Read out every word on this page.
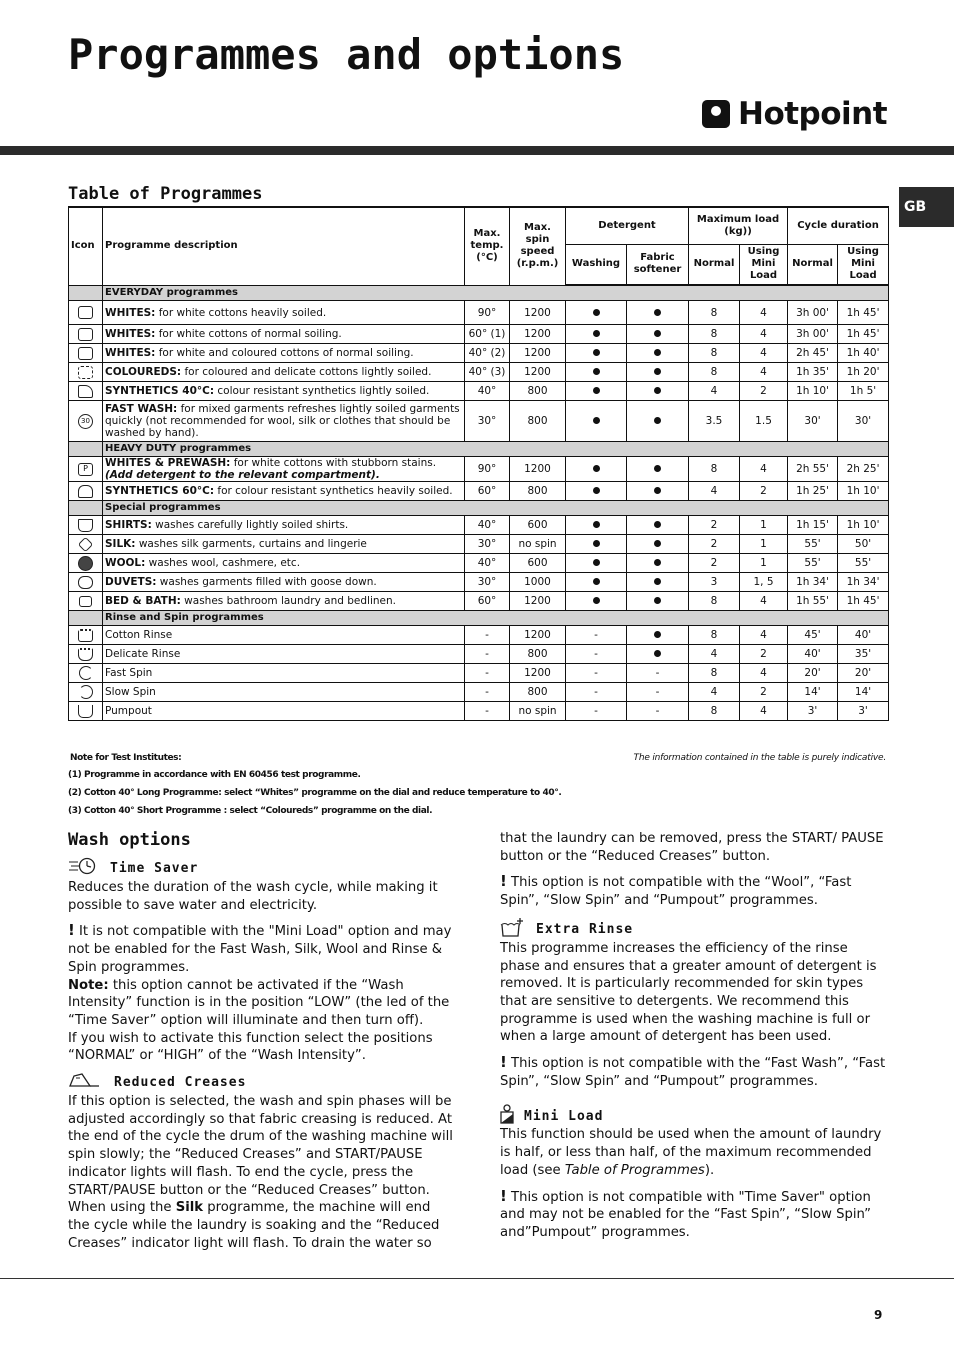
Programmes and options
Hotpoint
GB
Table of Programmes
Icon	Programme description	Max. temp. (°C)	Max. spin speed (r.p.m.)	Detergent		Maximum load (kg))		Cycle duration	
				Washing	Fabric softener	Normal	Using Mini Load	Normal	Using Mini Load
	EVERYDAY programmes								
	WHITES: for white cottons heavily soiled.	90°	1200			8	4	3h 00'	1h 45'
	WHITES: for white cottons of normal soiling.	60° (1)	1200			8	4	3h 00'	1h 45'
	WHITES: for white and coloured cottons of normal soiling.	40° (2)	1200			8	4	2h 45'	1h 40'
	COLOUREDS: for coloured and delicate cottons lightly soiled.	40° (3)	1200			8	4	1h 35'	1h 20'
	SYNTHETICS 40°C: colour resistant synthetics lightly soiled.	40°	800			4	2	1h 10'	1h 5'
30	FAST WASH: for mixed garments refreshes lightly soiled garments quickly (not recommended for wool, silk or clothes that should be washed by hand).	30°	800			3.5	1.5	30'	30'
	HEAVY DUTY programmes								
P	WHITES & PREWASH: for white cottons with stubborn stains. (Add detergent to the relevant compartment).	90°	1200			8	4	2h 55'	2h 25'
	SYNTHETICS 60°C: for colour resistant synthetics heavily soiled.	60°	800			4	2	1h 25'	1h 10'
	Special programmes								
	SHIRTS: washes carefully lightly soiled shirts.	40°	600			2	1	1h 15'	1h 10'
	SILK: washes silk garments, curtains and lingerie	30°	no spin			2	1	55'	50'
	WOOL: washes wool, cashmere, etc.	40°	600			2	1	55'	55'
	DUVETS: washes garments filled with goose down.	30°	1000			3	1, 5	1h 34'	1h 34'
	BED & BATH: washes bathroom laundry and bedlinen.	60°	1200			8	4	1h 55'	1h 45'
	Rinse and Spin programmes								
	Cotton Rinse	-	1200	-		8	4	45'	40'
	Delicate Rinse	-	800	-		4	2	40'	35'
	Fast Spin	-	1200	-	-	8	4	20'	20'
	Slow Spin	-	800	-	-	4	2	14'	14'
	Pumpout	-	no spin	-	-	8	4	3'	3'
Note for Test Institutes:	The information contained in the table is purely indicative.
(1) Programme in accordance with EN 60456 test programme.
(2) Cotton 40° Long Programme: select “Whites” programme on the dial and reduce temperature to 40°.
(3) Cotton 40° Short Programme : select “Coloureds” programme on the dial.
Wash options
Time Saver

Reduces the duration of the wash cycle, while making it possible to save water and electricity.

! It is not compatible with the "Mini Load" option and may not be enabled for the Fast Wash, Silk, Wool and Rinse & Spin programmes.

Note: this option cannot be activated if the “Wash Intensity” function is in the position “LOW” (the led of the “Time Saver” option will illuminate and then turn off).

If you wish to activate this function select the positions “NORMAL” or “HIGH” of the “Wash Intensity”.

Reduced Creases

If this option is selected, the wash and spin phases will be adjusted accordingly so that fabric creasing is reduced. At the end of the cycle the drum of the washing machine will spin slowly; the “Reduced Creases” and START/PAUSE indicator lights will flash. To end the cycle, press the START/PAUSE button or the “Reduced Creases” button.

When using the Silk programme, the machine will end the cycle while the laundry is soaking and the “Reduced Creases” indicator light will flash. To drain the water so

that the laundry can be removed, press the START/ PAUSE button or the “Reduced Creases” button.

! This option is not compatible with the “Wool”, “Fast Spin”, “Slow Spin” and “Pumpout” programmes.

Extra Rinse

This programme increases the efficiency of the rinse phase and ensures that a greater amount of detergent is removed. It is particularly recommended for skin types that are sensitive to detergents. We recommend this programme is used when the washing machine is full or when a large amount of detergent has been used.

! This option is not compatible with the “Fast Wash”, “Fast Spin”, “Slow Spin” and “Pumpout” programmes.

Mini Load

This function should be used when the amount of laundry is half, or less than half, of the maximum recommended load (see Table of Programmes).

! This option is not compatible with "Time Saver" option and may not be enabled for the “Fast Spin”, “Slow Spin” and”Pumpout” programmes.

9
